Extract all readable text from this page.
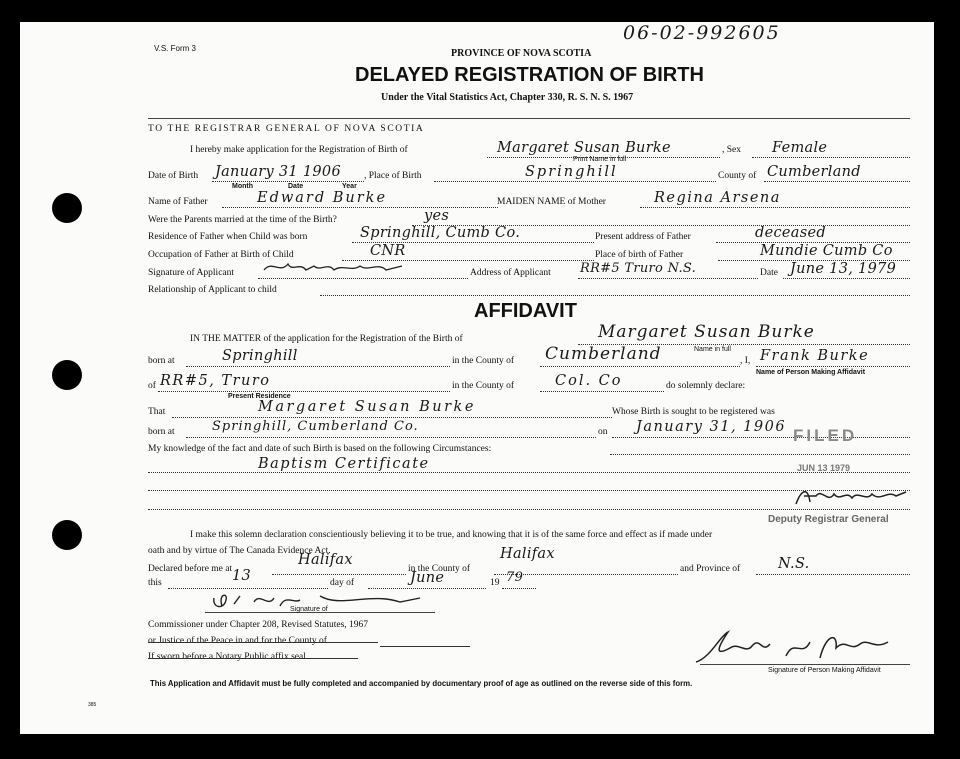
V.S. Form 3
06-02-992605
PROVINCE OF NOVA SCOTIA
DELAYED REGISTRATION OF BIRTH
Under the Vital Statistics Act, Chapter 330, R. S. N. S. 1967
TO THE REGISTRAR GENERAL OF NOVA SCOTIA
I hereby make application for the Registration of Birth of	Margaret Susan Burke
Print Name in full
, Sex Female
Date of Birth January 31 1906
Month	Date	Year
, Place of Birth	Springhill	County of Cumberland
Name of Father	Edward Burke	MAIDEN NAME of Mother	Regina Arsena
Were the Parents married at the time of the Birth?	yes
Residence of Father when Child was born	Springhill, Cumb Co.	Present address of Father	deceased
Occupation of Father at Birth of Child	CNR	Place of birth of Father	Mundie Cumb Co
Signature of Applicant	Address of Applicant RR#5 Truro N.S.	Date June 13, 1979
Relationship of Applicant to child
AFFIDAVIT
IN THE MATTER of the application for the Registration of the Birth of	Margaret Susan Burke
Name in full
born at	Springhill	in the County of Cumberland	, I, Frank Burke
Name of Person Making Affidavit
of RR#5, Truro
Present Residence
in the County of	Col. Co	do solemnly declare:
That	Margaret Susan Burke	Whose Birth is sought to be registered was
born at	Springhill, Cumberland Co.	on January 31, 1906
My knowledge of the fact and date of such Birth is based on the following Circumstances:
Baptism Certificate
FILED
JUN 13 1979
Deputy Registrar General
I make this solemn declaration conscientiously believing it to be true, and knowing that it is of the same force and effect as if made under
oath and by virtue of The Canada Evidence Act.
Declared before me at
Halifax
in the County of
Halifax
and Province of	N.S.
this	13	day of	June	19 79
Signature of
Commissioner under Chapter 208, Revised Statutes, 1967
or Justice of the Peace in and for the County of
If sworn before a Notary Public affix seal.
Signature of Person Making Affidavit
This Application and Affidavit must be fully completed and accompanied by documentary proof of age as outlined on the reverse side of this form.
385
